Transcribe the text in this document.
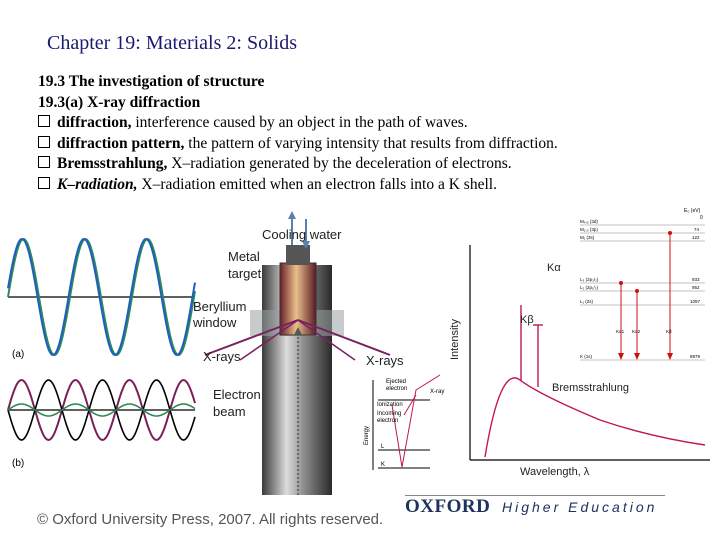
Chapter 19: Materials 2: Solids
19.3 The investigation of structure
19.3(a) X-ray diffraction
diffraction, interference caused by an object in the path of waves.
diffraction pattern, the pattern of varying intensity that results from diffraction.
Bremsstrahlung, X–radiation generated by the deceleration of electrons.
K–radiation, X–radiation emitted when an electron falls into a K shell.
(a)
(b)
Cooling water
Metal
target
Beryllium
window
X-rays	X-rays
Electron
beam
Ejected
electron	X-ray
Ionization
Incoming
electron
Energy
L
K
Intensity
Wavelength, λ
Kα
Kβ
Bremsstrahlung
E₀ (eV)
0
M₄,₅ (3d)
M₂,₃ (3p)
M₁ (3s)
L₃ (2p₃/₂)
L₂ (2p₁/₂)
L₁ (2s)
K (1s)
74
122
933
952
1097
8979
Kα1 Kα2	Kβ
© Oxford University Press, 2007. All rights reserved.
OXFORD Higher Education
